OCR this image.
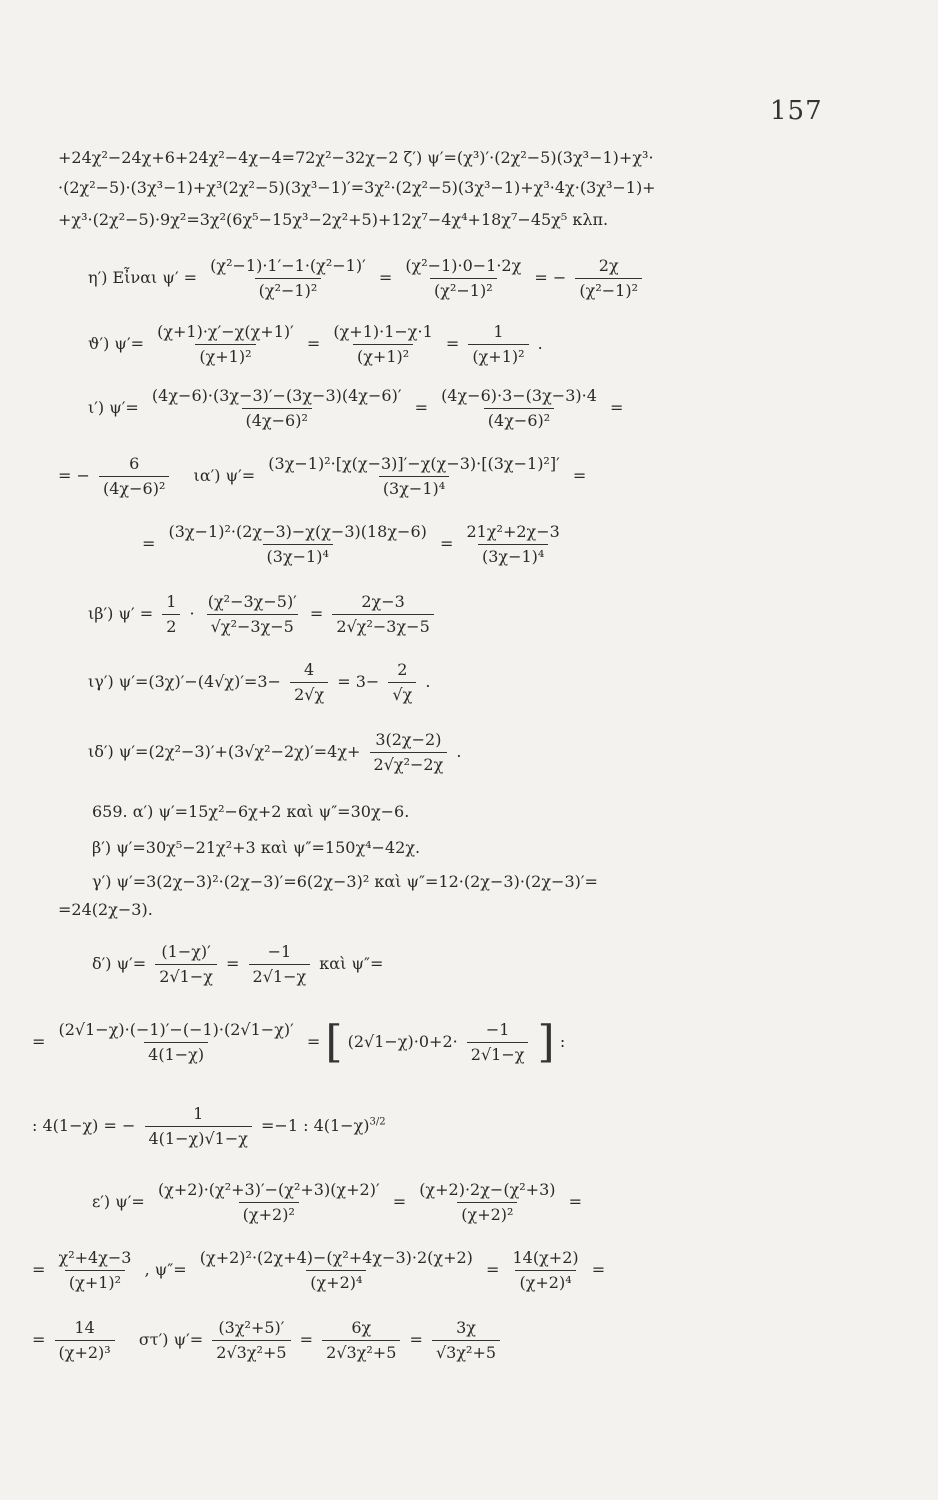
157
+24χ²−24χ+6+24χ²−4χ−4=72χ²−32χ−2 ζ′) ψ′=(χ³)′·(2χ²−5)(3χ³−1)+χ³·
·(2χ²−5)·(3χ³−1)+χ³(2χ²−5)(3χ³−1)′=3χ²·(2χ²−5)(3χ³−1)+χ³·4χ·(3χ³−1)+
+χ³·(2χ²−5)·9χ²=3χ²(6χ⁵−15χ³−2χ²+5)+12χ⁷−4χ⁴+18χ⁷−45χ⁵ κλπ.
η′) Εἶναι $\psi' = \frac{\text{(χ²−1)·1′−1·(χ²−1)′}}{\text{(χ²−1)²}} = \frac{\text{(χ²−1)·0−1·2χ}}{\text{(χ²−1)²}}$ = − $\frac{2\chi}{\text{(χ²−1)²}}$
ϑ′) $\psi'= \frac{(\chi+1)\cdot\chi'-\chi(\chi+1)'}{\text{(χ+1)²}} = \frac{(\chi+1)\cdot 1-\chi\cdot 1}{\text{(χ+1)²}} = \frac{1}{\text{(χ+1)²}}$ .
ι′) $\psi'= \frac{(4\chi-6)\cdot(3\chi-3)'-(3\chi-3)(4\chi-6)'}{\text{(4χ−6)²}} = \frac{(4\chi-6)\cdot 3-(3\chi-3)\cdot 4}{\text{(4χ−6)²}}$ =
= − $\frac{6}{\text{(4χ−6)²}} \iota\alpha'$) $\psi'= \frac{\text{(3χ−1)²·[χ(χ−3)]′−χ(χ−3)·[(3χ−1)²]′}}{\text{(3χ−1)⁴}}$ =
= $\frac{\text{(3χ−1)²·(2χ−3)−χ(χ−3)(18χ−6)}}{\text{(3χ−1)⁴}} = \frac{\text{21χ²+2χ−3}}{\text{(3χ−1)⁴}}$
ιβ′) $\psi' = \frac{1}{2} \cdot \frac{\text{(χ²−3χ−5)′}}{\text{√χ²−3χ−5}} = \frac{2\chi-3}{\text{2√χ²−3χ−5}}$
ιγ′) $\psi'=(3\chi)'-(4√\chi)'=3- \frac{4}{2√\chi} = 3- \frac{2}{√\chi}$ .
ιδ′) $\psi'=(2\chi^2-3)'+(3√\chi^2-2\chi)'=4\chi+ \frac{3(2\chi-2)}{\text{2√χ²−2χ}}$ .
659. α′) ψ′=15χ²−6χ+2 καὶ ψ″=30χ−6.
β′) ψ′=30χ⁵−21χ²+3 καὶ ψ″=150χ⁴−42χ.
γ′) ψ′=3(2χ−3)²·(2χ−3)′=6(2χ−3)² καὶ ψ″=12·(2χ−3)·(2χ−3)′=
=24(2χ−3).
δ′) $\psi'= \frac{(1-\chi)'}{2√1-\chi} = \frac{-1}{2√1-\chi}$ καὶ ψ″=
= $\frac{(2√1-\chi)\cdot(-1)'-(-1)\cdot(2√1-\chi)'}{4(1-\chi)}$ = [ $(2√1-\chi)\cdot 0+2\cdot \frac{-1}{2√1-\chi}$ ] :
: 4(1−χ) = − $\frac{1}{4(1-\chi)√1-\chi} =-1$ : $4(1-\chi)^{3/2}$
ε′) $\psi'= \frac{\text{(χ+2)·(χ²+3)′−(χ²+3)(χ+2)′}}{\text{(χ+2)²}} = \frac{\text{(χ+2)·2χ−(χ²+3)}}{\text{(χ+2)²}}$ =
= $\frac{\text{χ²+4χ−3}}{\text{(χ+1)²}}$ , $\psi''= \frac{\text{(χ+2)²·(2χ+4)−(χ²+4χ−3)·2(χ+2)}}{\text{(χ+2)⁴}} = \frac{14(\chi+2)}{\text{(χ+2)⁴}}$ =
= $\frac{14}{\text{(χ+2)³}} \sigma\tau'$) $\psi'= \frac{\text{(3χ²+5)′}}{\text{2√3χ²+5}} = \frac{6\chi}{\text{2√3χ²+5}} = \frac{3\chi}{\text{√3χ²+5}}$
